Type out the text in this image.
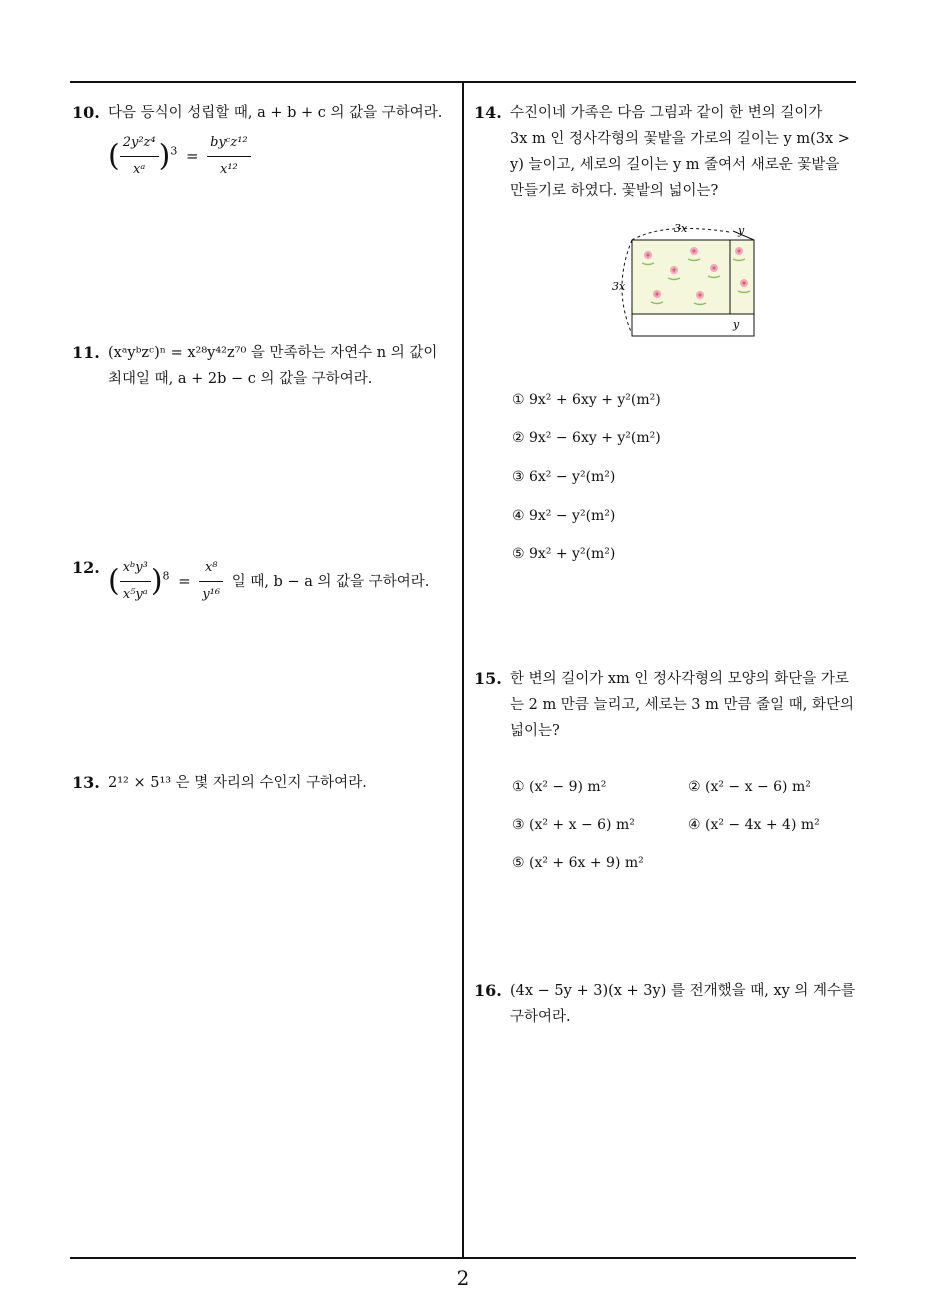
10. 다음 등식이 성립할 때, a + b + c 의 값을 구하여라.
( $\frac{\text{2y²z⁴}}{\text{xᵃ}} )^3 = \frac{\text{byᶜz¹²}}{\text{x¹²}}$
11. (xᵃyᵇzᶜ)ⁿ = x²⁸y⁴²z⁷⁰ 을 만족하는 자연수 n 의 값이
최대일 때, a + 2b − c 의 값을 구하여라.
12. ( $\frac{\text{xᵇy³}}{\text{x⁵yᵃ}} )^8 = \frac{\text{x⁸}}{\text{y¹⁶}}$ 일 때, b − a 의 값을 구하여라.
13. 2¹² × 5¹³ 은 몇 자리의 수인지 구하여라.
14. 수진이네 가족은 다음 그림과 같이 한 변의 길이가
3x m 인 정사각형의 꽃밭을 가로의 길이는 y m(3x >
y) 늘이고, 세로의 길이는 y m 줄여서 새로운 꽃밭을
만들기로 하였다. 꽃밭의 넓이는?
3x	y
3x
y
① 9x² + 6xy + y²(m²)
② 9x² − 6xy + y²(m²)
③ 6x² − y²(m²)
④ 9x² − y²(m²)
⑤ 9x² + y²(m²)
15. 한 변의 길이가 xm 인 정사각형의 모양의 화단을 가로
는 2 m 만큼 늘리고, 세로는 3 m 만큼 줄일 때, 화단의
넓이는?
① (x² − 9) m²	② (x² − x − 6) m²
③ (x² + x − 6) m²	④ (x² − 4x + 4) m²
⑤ (x² + 6x + 9) m²
16. (4x − 5y + 3)(x + 3y) 를 전개했을 때, xy 의 계수를
구하여라.
2
